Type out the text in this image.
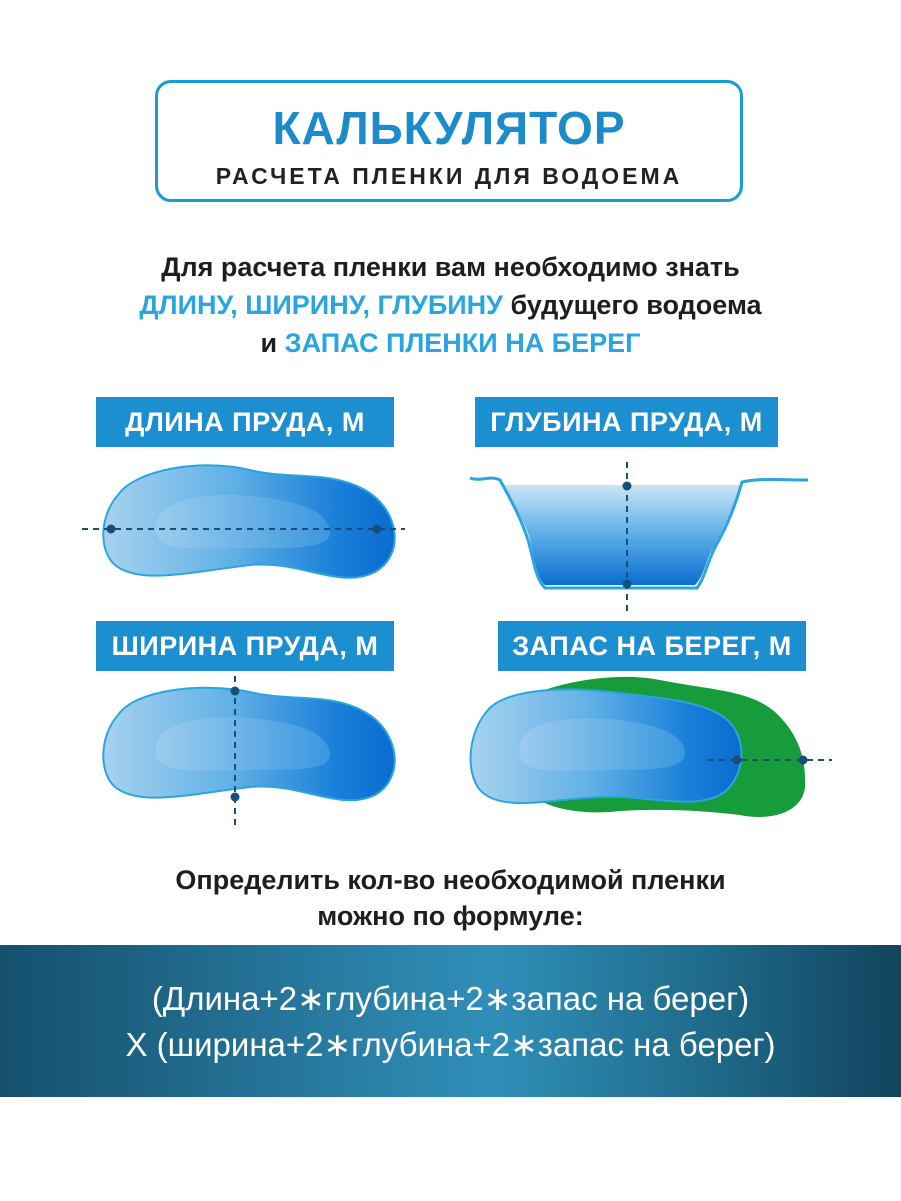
КАЛЬКУЛЯТОР
РАСЧЕТА ПЛЕНКИ ДЛЯ ВОДОЕМА
Для расчета пленки вам необходимо знать
ДЛИНУ, ШИРИНУ, ГЛУБИНУ будущего водоема
и ЗАПАС ПЛЕНКИ НА БЕРЕГ
ДЛИНА ПРУДА, М	ГЛУБИНА ПРУДА, М
ШИРИНА ПРУДА, М	ЗАПАС НА БЕРЕГ, М
Определить кол-во необходимой пленки
можно по формуле:
(Длина+2∗глубина+2∗запас на берег)
Х (ширина+2∗глубина+2∗запас на берег)
